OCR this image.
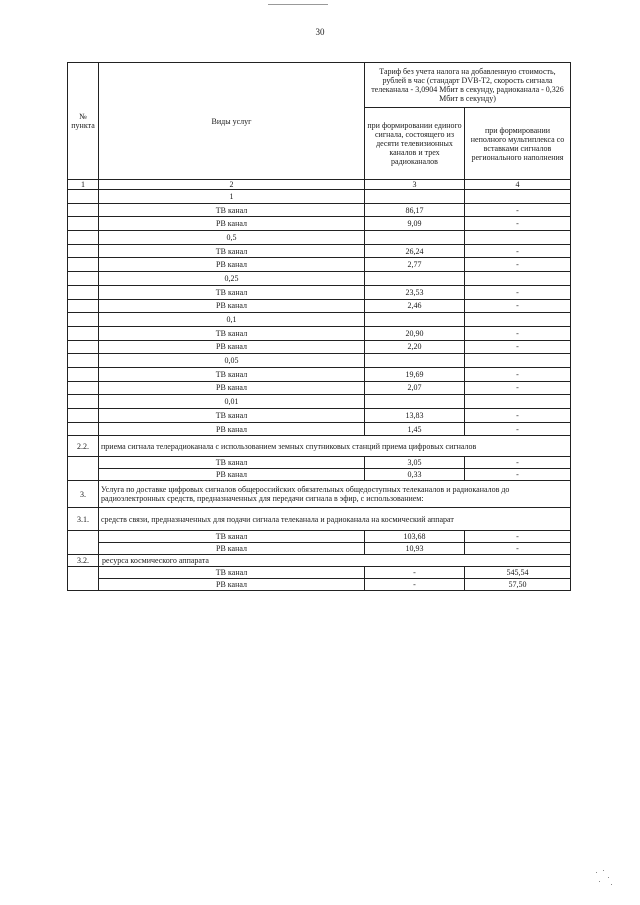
30
№ пункта	Виды услуг	Тариф без учета налога на добавленную стоимость, рублей в час (стандарт DVB-T2, скорость сигнала телеканала - 3,0904 Мбит в секунду, радиоканала - 0,326 Мбит в секунду)	
		при формировании единого сигнала, состоящего из десяти телевизионных каналов и трех радиоканалов	при формировании неполного мультиплекса со вставками сигналов регионального наполнения
1	2	3	4
	1		
	ТВ канал	86,17	-
	РВ канал	9,09	-
	0,5		
	ТВ канал	26,24	-
	РВ канал	2,77	-
	0,25		
	ТВ канал	23,53	-
	РВ канал	2,46	-
	0,1		
	ТВ канал	20,90	-
	РВ канал	2,20	-
	0,05		
	ТВ канал	19,69	-
	РВ канал	2,07	-
	0,01		
	ТВ канал	13,83	-
	РВ канал	1,45	-
2.2.	приема сигнала телерадиоканала с использованием земных спутниковых станций приема цифровых сигналов		
	ТВ канал	3,05	-
	РВ канал	0,33	-
3.	Услуга по доставке цифровых сигналов общероссийских обязательных общедоступных телеканалов и радиоканалов до радиоэлектронных средств, предназначенных для передачи сигнала в эфир, с использованием:		
3.1.	средств связи, предназначенных для подачи сигнала телеканала и радиоканала на космический аппарат		
	ТВ канал	103,68	-
	РВ канал	10,93	-
3.2.	ресурса космического аппарата		
	ТВ канал	-	545,54
	РВ канал	-	57,50
